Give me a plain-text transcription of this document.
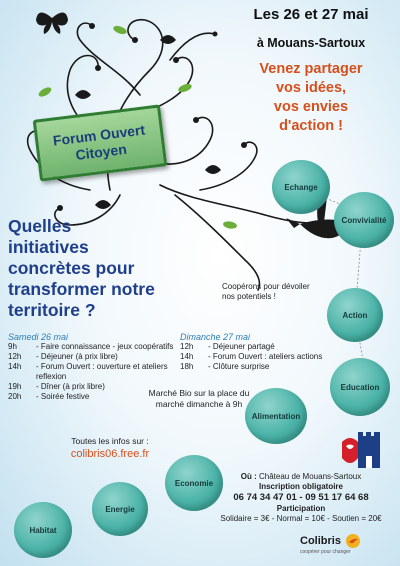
Les 26 et 27 mai
à Mouans-Sartoux
Venez partager
vos idées,
vos envies
d'action !
Forum Ouvert
Citoyen
Quelles
initiatives
concrètes pour
transformer notre
territoire ?
Coopérons pour dévoiler
nos potentiels !
Samedi 26 mai
9h	- Faire connaissance - jeux coopératifs
12h	- Déjeuner (à prix libre)
14h	- Forum Ouvert : ouverture et ateliers reflexion
19h	- Dîner (à prix libre)
20h	- Soirée festive
Dimanche 27 mai
12h	- Déjeuner partagé
14h	- Forum Ouvert : ateliers actions
18h	- Clôture surprise
Marché Bio sur la place du
marché dimanche à 9h
Toutes les infos sur :
colibris06.free.fr
Echange
Convivialité
Action
Education
Alimentation
Economie
Energie
Habitat
Où : Château de Mouans-Sartoux
Inscription obligatoire
06 74 34 47 01 - 09 51 17 64 68
Participation
Solidaire = 3€ - Normal = 10€ - Soutien = 20€
Colibris
coopérer pour changer
